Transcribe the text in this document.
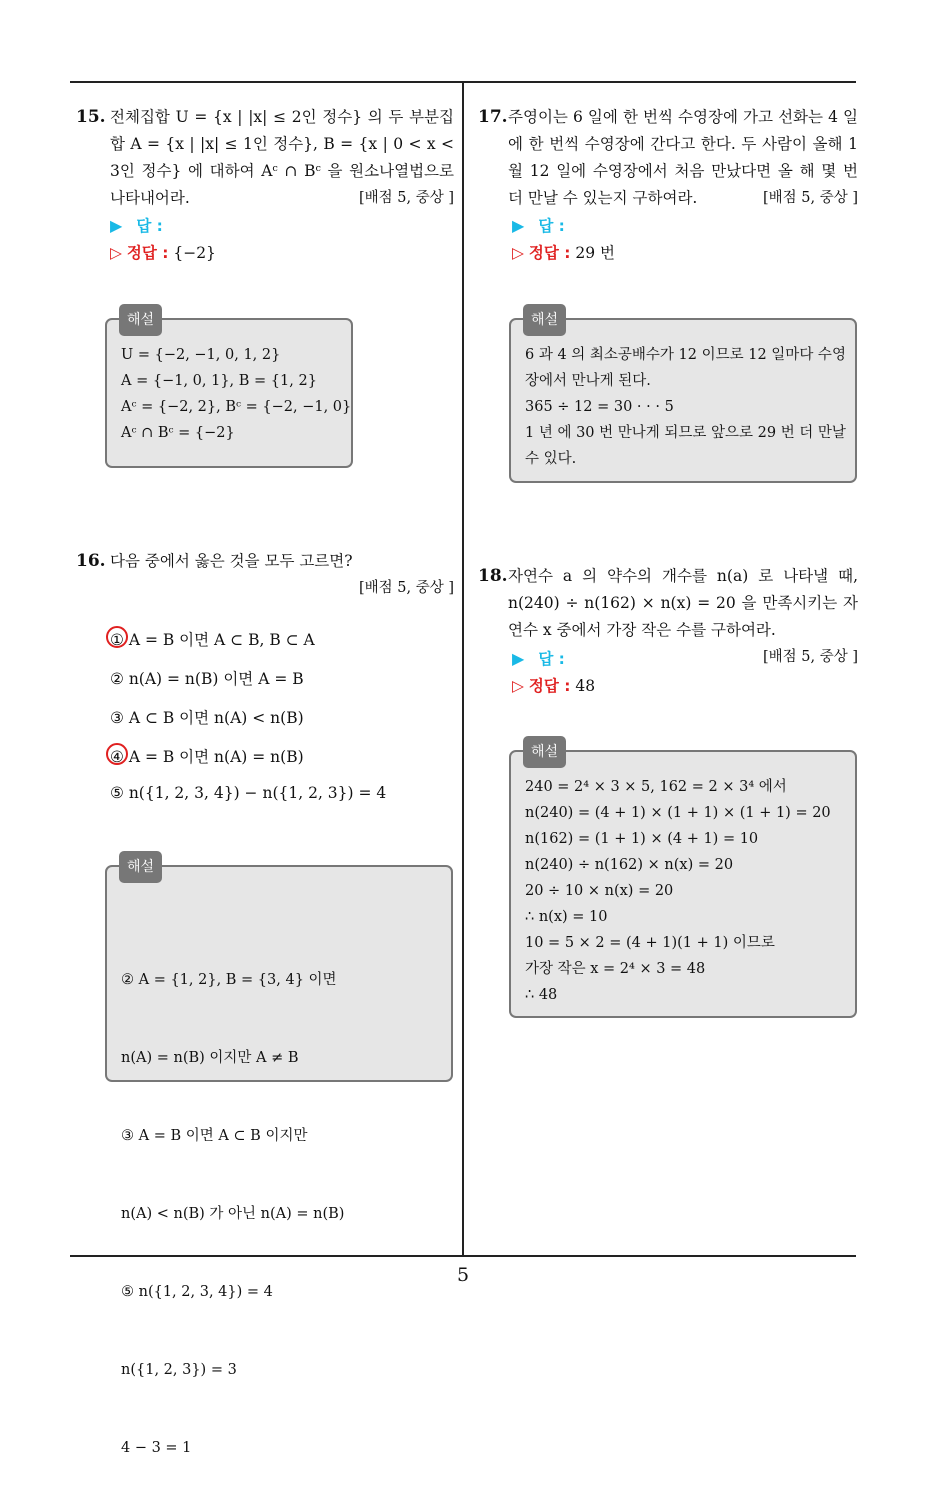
15. 전체집합 U = {x | |x| ≤ 2인 정수} 의 두 부분집합 A = {x | |x| ≤ 1인 정수}, B = {x | 0 < x < 3인 정수} 에 대하여 Aᶜ ∩ Bᶜ 을 원소나열법으로 나타내어라.	[배점 5, 중상 ]
▶ 답 :
▷ 정답 : {−2}
해설
U = {−2, −1, 0, 1, 2}
A = {−1, 0, 1}, B = {1, 2}
Aᶜ = {−2, 2}, Bᶜ = {−2, −1, 0}
Aᶜ ∩ Bᶜ = {−2}
16. 다음 중에서 옳은 것을 모두 고르면?
[배점 5, 중상 ]
① A = B 이면 A ⊂ B, B ⊂ A
② n(A) = n(B) 이면 A = B
③ A ⊂ B 이면 n(A) < n(B)
④ A = B 이면 n(A) = n(B)
⑤ n({1, 2, 3, 4}) − n({1, 2, 3}) = 4

해설

② A = {1, 2}, B = {3, 4} 이면

n(A) = n(B) 이지만 A ≠ B

③ A = B 이면 A ⊂ B 이지만

n(A) < n(B) 가 아닌 n(A) = n(B)

⑤ n({1, 2, 3, 4}) = 4

n({1, 2, 3}) = 3

4 − 3 = 1

17. 주영이는 6 일에 한 번씩 수영장에 가고 선화는 4 일에 한 번씩 수영장에 간다고 한다. 두 사람이 올해 1 월 12 일에 수영장에서 처음 만났다면 올 해 몇 번 더 만날 수 있는지 구하여라.	[배점 5, 중상 ]
▶ 답 :
▷ 정답 : 29 번
해설
6 과 4 의 최소공배수가 12 이므로 12 일마다 수영
장에서 만나게 된다.
365 ÷ 12 = 30 · · · 5
1 년 에 30 번 만나게 되므로 앞으로 29 번 더 만날
수 있다.
18. 자연수 a 의 약수의 개수를 n(a) 로 나타낼 때, n(240) ÷ n(162) × n(x) = 20 을 만족시키는 자연수 x 중에서 가장 작은 수를 구하여라.
[배점 5, 중상 ]
▶ 답 :
▷ 정답 : 48
해설
240 = 2⁴ × 3 × 5, 162 = 2 × 3⁴ 에서
n(240) = (4 + 1) × (1 + 1) × (1 + 1) = 20
n(162) = (1 + 1) × (4 + 1) = 10
n(240) ÷ n(162) × n(x) = 20
20 ÷ 10 × n(x) = 20
∴ n(x) = 10
10 = 5 × 2 = (4 + 1)(1 + 1) 이므로
가장 작은 x = 2⁴ × 3 = 48
∴ 48
5
